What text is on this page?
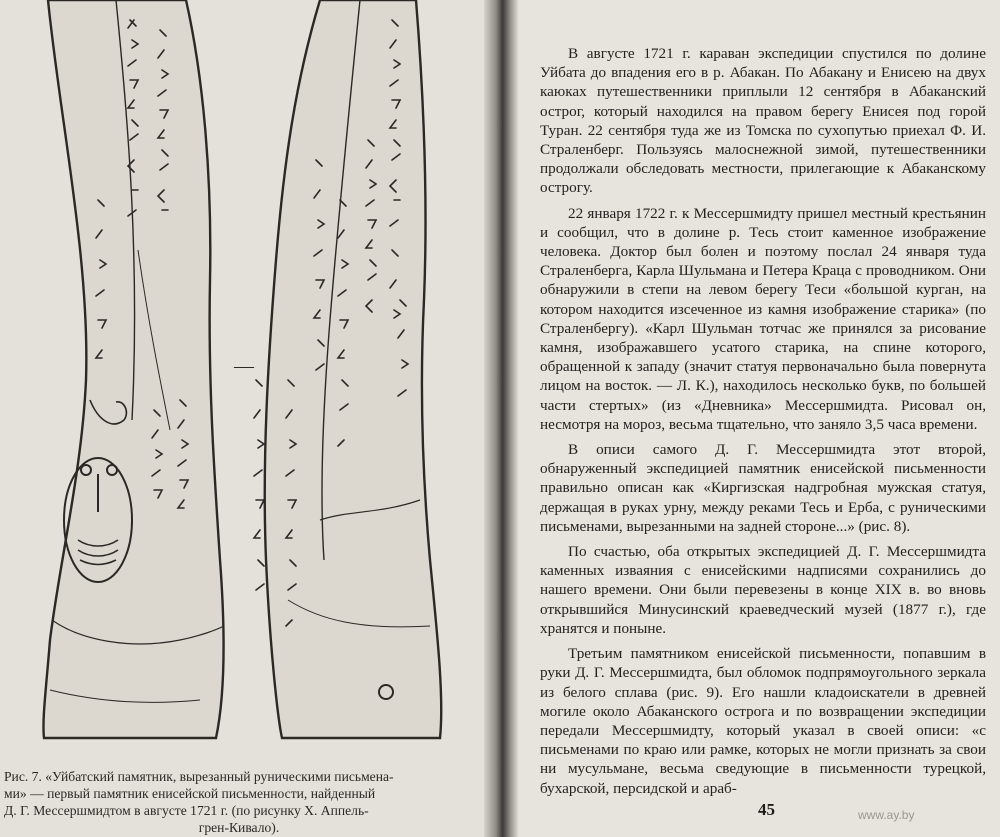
—
Рис. 7. «Уйбатский памятник, вырезанный руническими письмена-
ми» — первый памятник енисейской письменности, найденный
Д. Г. Мессершмидтом в августе 1721 г. (по рисунку Х. Аппель-
грен-Кивало).

В августе 1721 г. караван экспедиции спустился по долине Уйбата до впадения его в р. Абакан. По Абакану и Енисею на двух каюках путешественники приплыли 12 сентября в Абаканский острог, который находился на правом берегу Енисея под горой Туран. 22 сентября туда же из Томска по сухопутью приехал Ф. И. Страленберг. Пользуясь малоснежной зимой, путешественники продолжали обследовать местности, прилегающие к Абаканскому острогу.

22 января 1722 г. к Мессершмидту пришел местный крестьянин и сообщил, что в долине р. Тесь стоит каменное изображение человека. Доктор был болен и поэтому послал 24 января туда Страленберга, Карла Шульмана и Петера Краца с проводником. Они обнаружили в степи на левом берегу Теси «большой курган, на котором находится изсеченное из камня изображение старика» (по Страленбергу). «Карл Шульман тотчас же принялся за рисование камня, изображавшего усатого старика, на спине которого, обращенной к западу (значит статуя первоначально была повернута лицом на восток. — Л. К.), находилось несколько букв, по большей части стертых» (из «Дневника» Мессершмидта. Рисовал он, несмотря на мороз, весьма тщательно, что заняло 3,5 часа времени.

В описи самого Д. Г. Мессершмидта этот второй, обнаруженный экспедицией памятник енисейской письменности правильно описан как «Киргизская надгробная мужская статуя, держащая в руках урну, между реками Тесь и Ерба, с руническими письменами, вырезанными на задней стороне...» (рис. 8).

По счастью, оба открытых экспедицией Д. Г. Мессершмидта каменных изваяния с енисейскими надписями сохранились до нашего времени. Они были перевезены в конце XIX в. во вновь открывшийся Минусинский краеведческий музей (1877 г.), где хранятся и поныне.

Третьим памятником енисейской письменности, попавшим в руки Д. Г. Мессершмидта, был обломок подпрямоугольного зеркала из белого сплава (рис. 9). Его нашли кладоискатели в древней могиле около Абаканского острога и по возвращении экспедиции передали Мессершмидту, который указал в своей описи: «с письменами по краю или рамке, которых не могли признать за свои ни мусульмане, весьма сведующие в письменности турецкой, бухарской, персидской и араб-

45	www.ay.by
